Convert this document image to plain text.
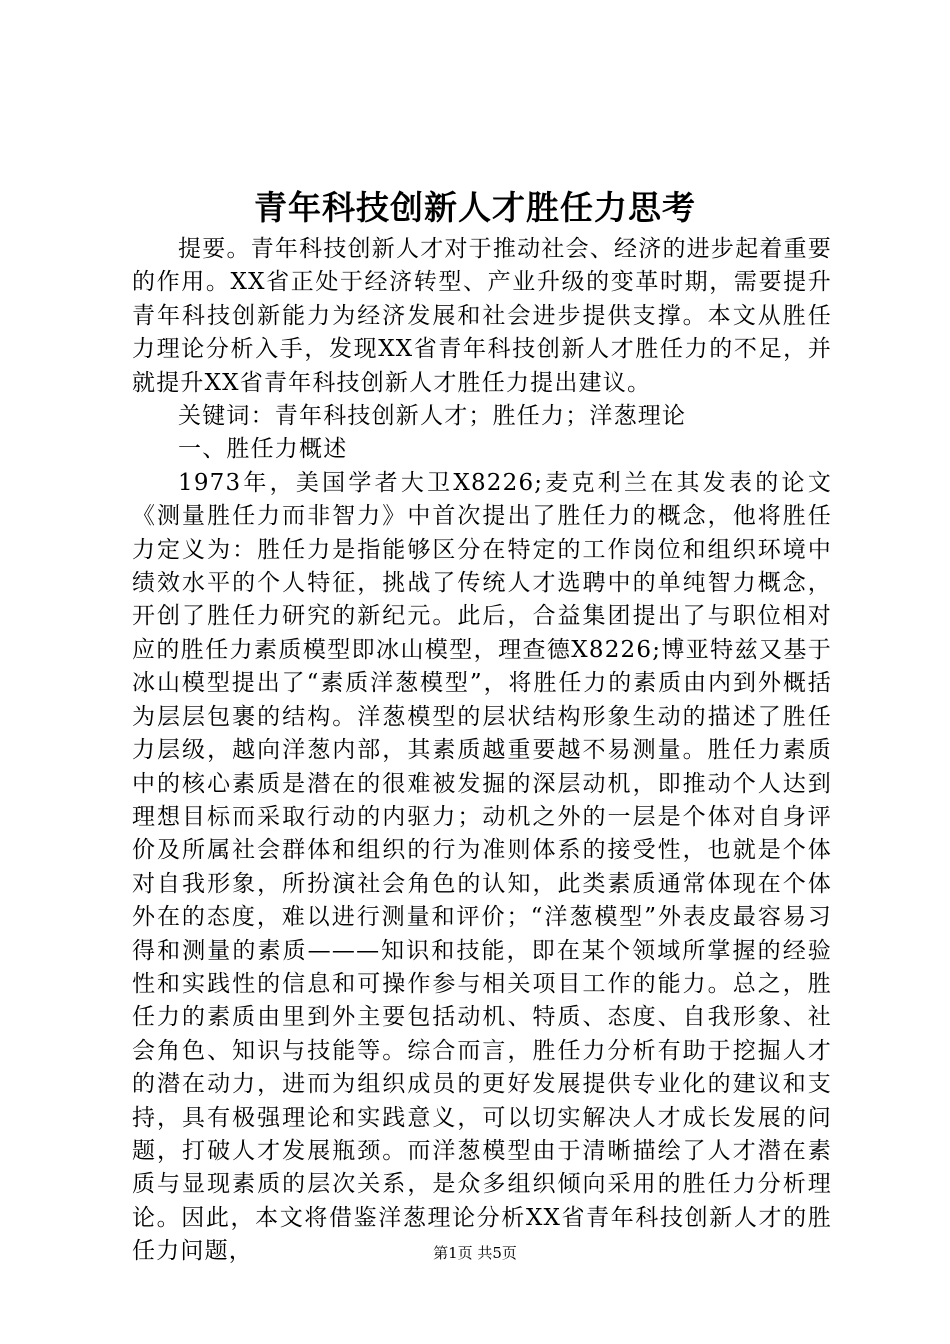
青年科技创新人才胜任力思考

提要。青年科技创新人才对于推动社会、经济的进步起着重要的作用。XX省正处于经济转型、产业升级的变革时期，需要提升青年科技创新能力为经济发展和社会进步提供支撑。本文从胜任力理论分析入手，发现XX省青年科技创新人才胜任力的不足，并就提升XX省青年科技创新人才胜任力提出建议。

关键词：青年科技创新人才；胜任力；洋葱理论

一、胜任力概述

1973年，美国学者大卫X8226;麦克利兰在其发表的论文《测量胜任力而非智力》中首次提出了胜任力的概念，他将胜任力定义为：胜任力是指能够区分在特定的工作岗位和组织环境中绩效水平的个人特征，挑战了传统人才选聘中的单纯智力概念，开创了胜任力研究的新纪元。此后，合益集团提出了与职位相对应的胜任力素质模型即冰山模型，理查德X8226;博亚特兹又基于冰山模型提出了“素质洋葱模型”，将胜任力的素质由内到外概括为层层包裹的结构。洋葱模型的层状结构形象生动的描述了胜任力层级，越向洋葱内部，其素质越重要越不易测量。胜任力素质中的核心素质是潜在的很难被发掘的深层动机，即推动个人达到理想目标而采取行动的内驱力；动机之外的一层是个体对自身评价及所属社会群体和组织的行为准则体系的接受性，也就是个体对自我形象，所扮演社会角色的认知，此类素质通常体现在个体外在的态度，难以进行测量和评价；“洋葱模型”外表皮最容易习得和测量的素质———知识和技能，即在某个领域所掌握的经验性和实践性的信息和可操作参与相关项目工作的能力。总之，胜任力的素质由里到外主要包括动机、特质、态度、自我形象、社会角色、知识与技能等。综合而言，胜任力分析有助于挖掘人才的潜在动力，进而为组织成员的更好发展提供专业化的建议和支持，具有极强理论和实践意义，可以切实解决人才成长发展的问题，打破人才发展瓶颈。而洋葱模型由于清晰描绘了人才潜在素质与显现素质的层次关系，是众多组织倾向采用的胜任力分析理论。因此，本文将借鉴洋葱理论分析XX省青年科技创新人才的胜任力问题，	第1页 共5页
